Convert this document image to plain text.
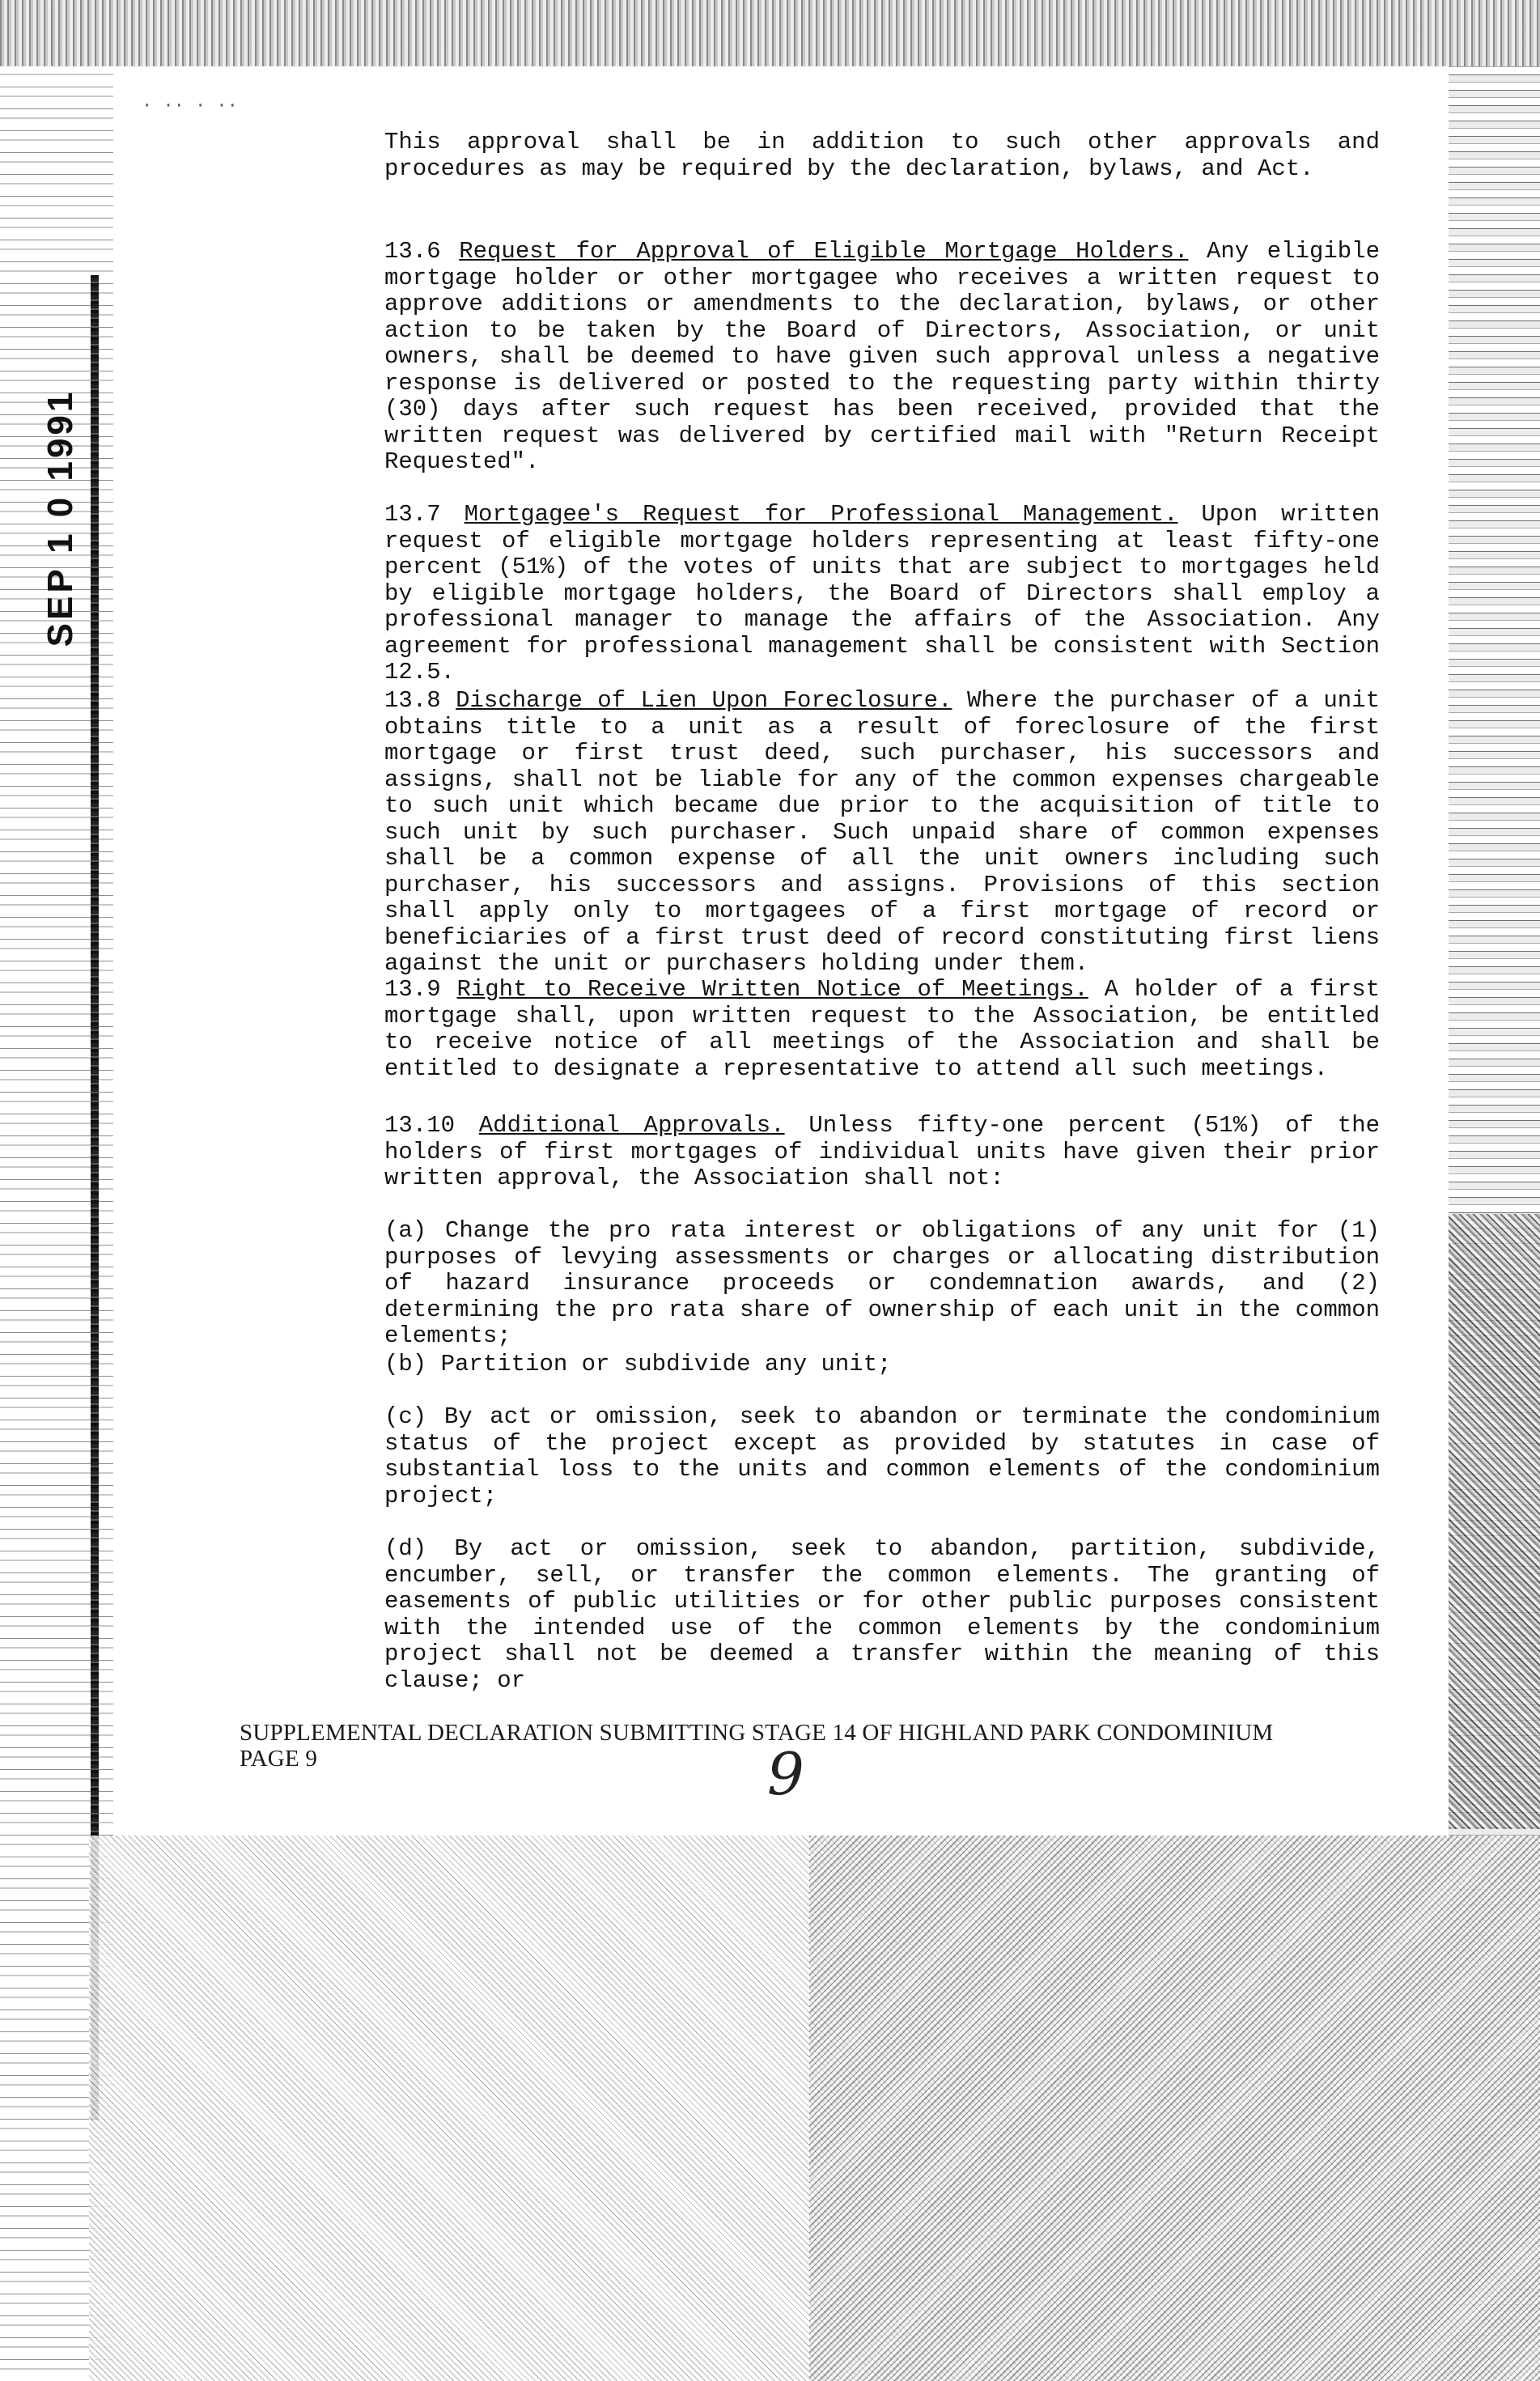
SEP 1 0 1991
· ·· · ··
This approval shall be in addition to such other approvals and procedures as may be required by the declaration, bylaws, and Act.
13.6 Request for Approval of Eligible Mortgage Holders. Any eligible mortgage holder or other mortgagee who receives a written request to approve additions or amendments to the declaration, bylaws, or other action to be taken by the Board of Directors, Association, or unit owners, shall be deemed to have given such approval unless a negative response is delivered or posted to the requesting party within thirty (30) days after such request has been received, provided that the written request was delivered by certified mail with "Return Receipt Requested".
13.7 Mortgagee's Request for Professional Management. Upon written request of eligible mortgage holders representing at least fifty-one percent (51%) of the votes of units that are subject to mortgages held by eligible mortgage holders, the Board of Directors shall employ a professional manager to manage the affairs of the Association. Any agreement for professional management shall be consistent with Section 12.5.
13.8 Discharge of Lien Upon Foreclosure. Where the purchaser of a unit obtains title to a unit as a result of foreclosure of the first mortgage or first trust deed, such purchaser, his successors and assigns, shall not be liable for any of the common expenses chargeable to such unit which became due prior to the acquisition of title to such unit by such purchaser. Such unpaid share of common expenses shall be a common expense of all the unit owners including such purchaser, his successors and assigns. Provisions of this section shall apply only to mortgagees of a first mortgage of record or beneficiaries of a first trust deed of record constituting first liens against the unit or purchasers holding under them.
13.9 Right to Receive Written Notice of Meetings. A holder of a first mortgage shall, upon written request to the Association, be entitled to receive notice of all meetings of the Association and shall be entitled to designate a representative to attend all such meetings.
13.10 Additional Approvals. Unless fifty-one percent (51%) of the holders of first mortgages of individual units have given their prior written approval, the Association shall not:
(a) Change the pro rata interest or obligations of any unit for (1) purposes of levying assessments or charges or allocating distribution of hazard insurance proceeds or condemnation awards, and (2) determining the pro rata share of ownership of each unit in the common elements;
(b) Partition or subdivide any unit;
(c) By act or omission, seek to abandon or terminate the condominium status of the project except as provided by statutes in case of substantial loss to the units and common elements of the condominium project;
(d) By act or omission, seek to abandon, partition, subdivide, encumber, sell, or transfer the common elements. The granting of easements of public utilities or for other public purposes consistent with the intended use of the common elements by the condominium project shall not be deemed a transfer within the meaning of this clause; or
SUPPLEMENTAL DECLARATION SUBMITTING STAGE 14 OF HIGHLAND PARK CONDOMINIUM
PAGE 9	9
